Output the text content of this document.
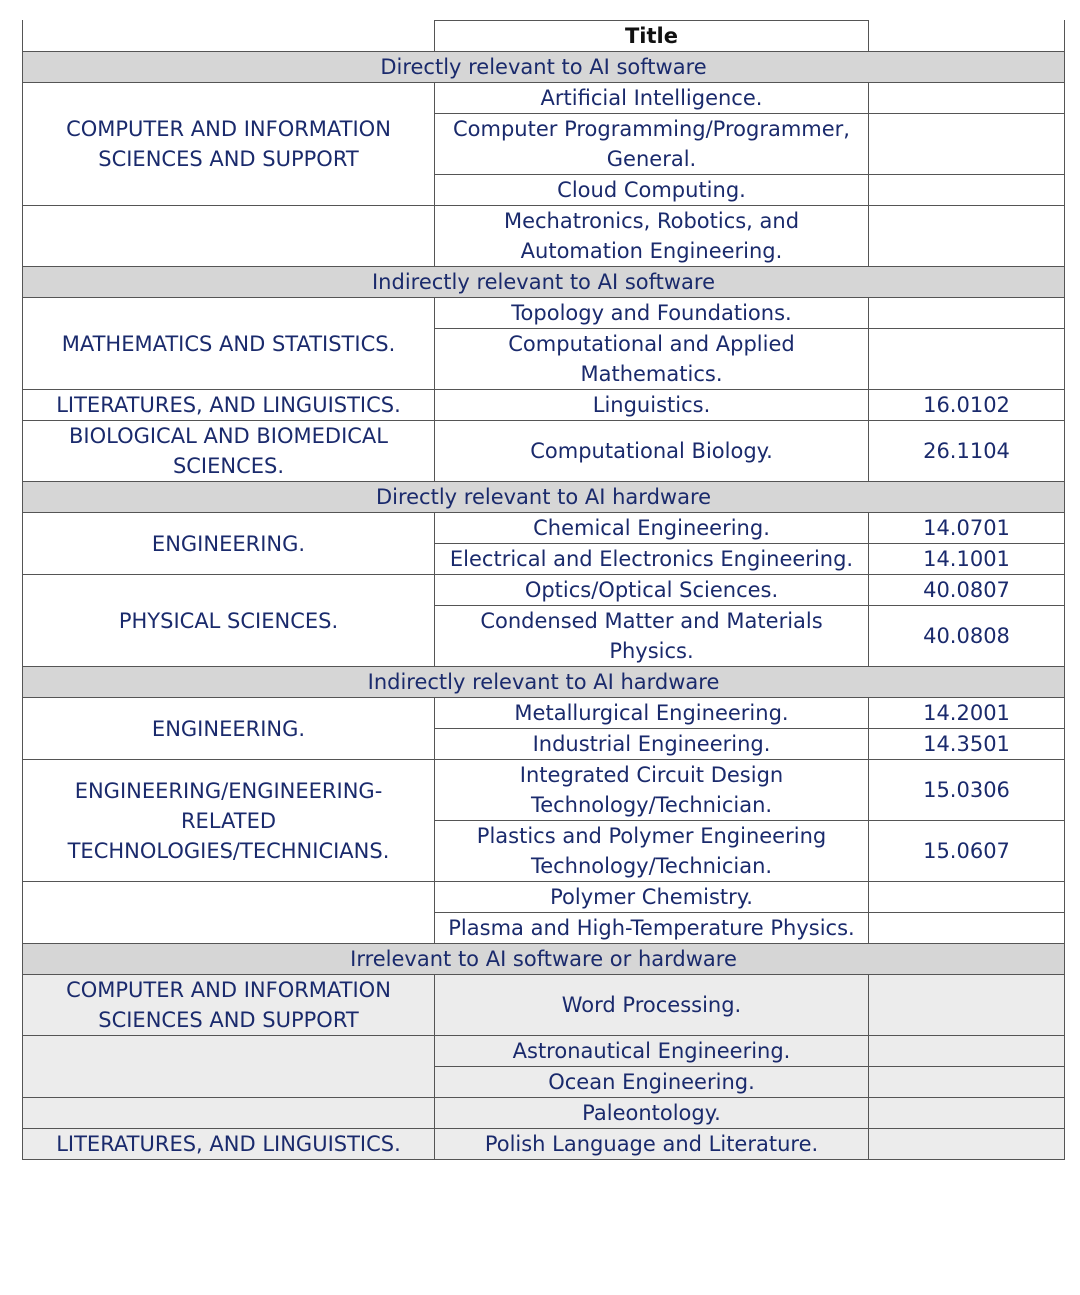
	Title	
Directly relevant to AI software		
COMPUTER AND INFORMATION SCIENCES AND SUPPORT	Artificial Intelligence.	
	Computer Programming/Programmer, General.	
	Cloud Computing.	
	Mechatronics, Robotics, and Automation Engineering.	
Indirectly relevant to AI software		
MATHEMATICS AND STATISTICS.	Topology and Foundations.	
	Computational and Applied Mathematics.	
LITERATURES, AND LINGUISTICS.	Linguistics.	16.0102
BIOLOGICAL AND BIOMEDICAL SCIENCES.	Computational Biology.	26.1104
Directly relevant to AI hardware		
ENGINEERING.	Chemical Engineering.	14.0701
	Electrical and Electronics Engineering.	14.1001
PHYSICAL SCIENCES.	Optics/Optical Sciences.	40.0807
	Condensed Matter and Materials Physics.	40.0808
Indirectly relevant to AI hardware		
ENGINEERING.	Metallurgical Engineering.	14.2001
	Industrial Engineering.	14.3501
ENGINEERING/ENGINEERING-RELATED TECHNOLOGIES/TECHNICIANS.	Integrated Circuit Design Technology/Technician.	15.0306
	Plastics and Polymer Engineering Technology/Technician.	15.0607
	Polymer Chemistry.	
	Plasma and High-Temperature Physics.	
Irrelevant to AI software or hardware		
COMPUTER AND INFORMATION SCIENCES AND SUPPORT	Word Processing.	
	Astronautical Engineering.	
	Ocean Engineering.	
	Paleontology.	
LITERATURES, AND LINGUISTICS.	Polish Language and Literature.	
